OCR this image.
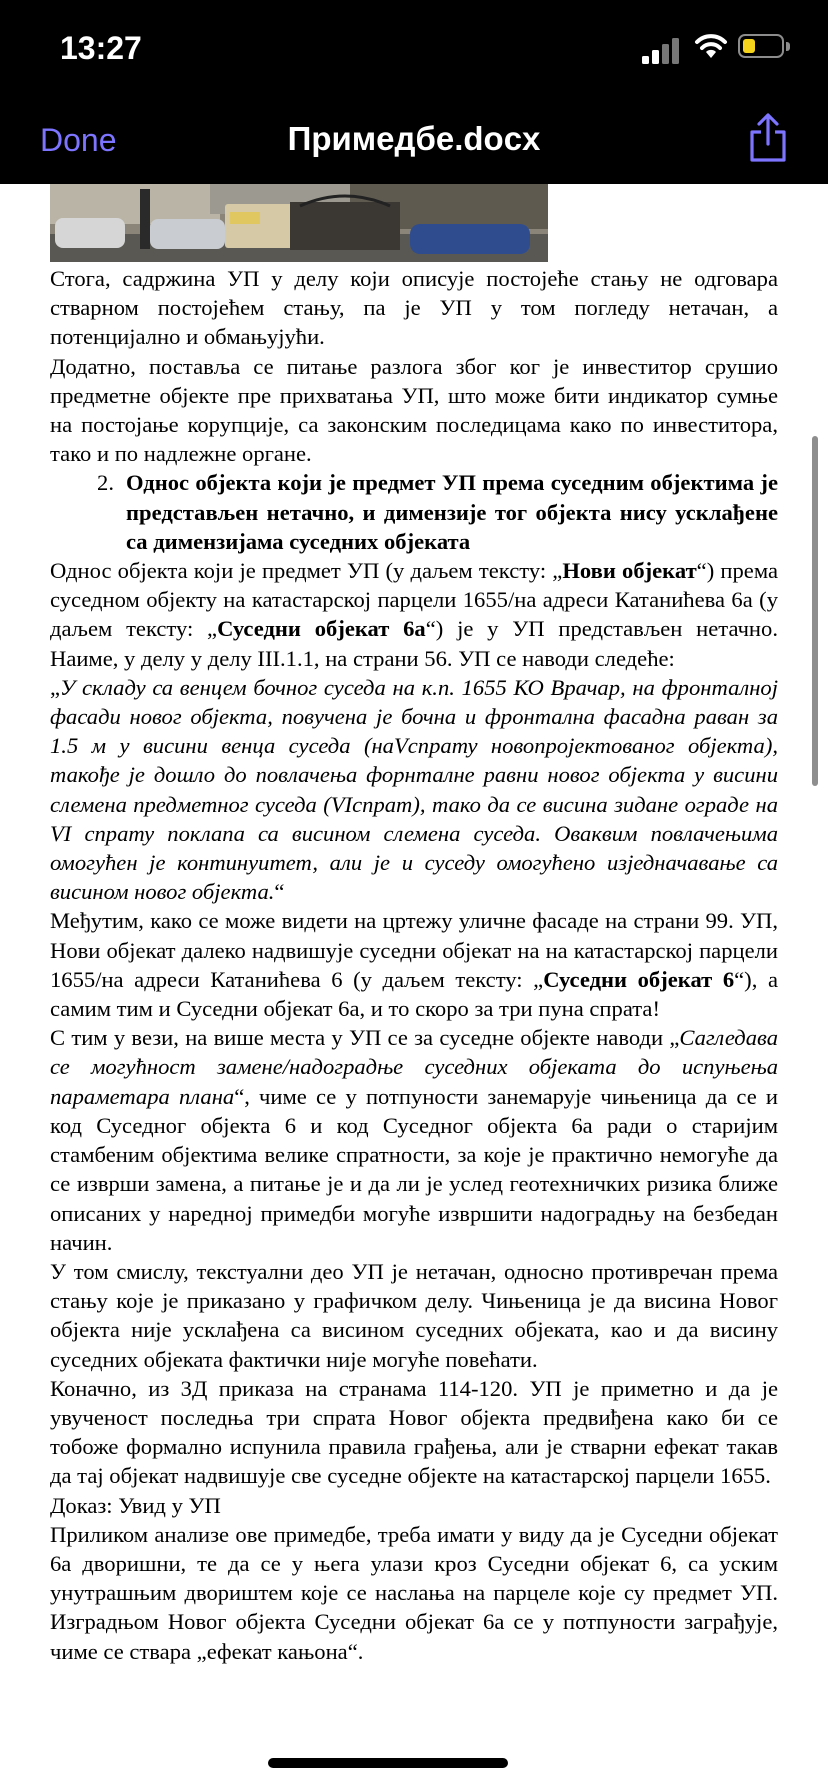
13:27
Done	Примедбе.docx

Стога, садржина УП у делу који описује постојеће стању не одговара стварном постојећем стању, па је УП у том погледу нетачан, а потенцијално и обмањујући.

Додатно, поставља се питање разлога због ког је инвеститор срушио предметне објекте пре прихватања УП, што може бити индикатор сумње на постојање корупције, са законским последицама како по инвеститора, тако и по надлежне органе.

2. Однос објекта који је предмет УП према суседним објектима је представљен нетачно, и димензије тог објекта нису усклађене са димензијама суседних објеката

Однос објекта који је предмет УП (у даљем тексту: „Нови објекат“) према суседном објекту на катастарској парцели 1655/на адреси Катанићева 6а (у даљем тексту: „Суседни објекат 6а“) је у УП представљен нетачно. Наиме, у делу у делу III.1.1, на страни 56. УП се наводи следеће:

„У складу са венцем бочног суседа на к.п. 1655 КО Врачар, на фронталној фасади новог објекта, повучена је бочна и фронтална фасадна раван за 1.5 м у висини венца суседа (наVспрату новопројектованог објекта), такође је дошло до повлачења форнталне равни новог објекта у висини слемена предметног суседа (VIспрат), тако да се висина зидане ограде на VI спрату поклапа са висином слемена суседа. Оваквим повлачењима омогућен је континуитет, али је и суседу омогућено изједначавање са висином новог објекта.“

Међутим, како се може видети на цртежу уличне фасаде на страни 99. УП, Нови објекат далеко надвишује суседни објекат на на катастарској парцели 1655/на адреси Катанићева 6 (у даљем тексту: „Суседни објекат 6“), а самим тим и Суседни објекат 6а, и то скоро за три пуна спрата!

С тим у вези, на више места у УП се за суседне објекте наводи „Сагледава се могућност замене/надоградње суседних објеката до испуњења параметара плана“, чиме се у потпуности занемарује чињеница да се и код Суседног објекта 6 и код Суседног објекта 6а ради о старијим стамбеним објектима велике спратности, за које је практично немогуће да се изврши замена, а питање је и да ли је услед геотехничких ризика ближе описаних у наредној примедби могуће извршити надоградњу на безбедан начин.

У том смислу, текстуални део УП је нетачан, односно противречан према стању које је приказано у графичком делу. Чињеница је да висина Новог објекта није усклађена са висином суседних објеката, као и да висину суседних објеката фактички није могуће повећати.

Коначно, из 3Д приказа на странама 114-120. УП је приметно и да је увученост последња три спрата Новог објекта предвиђена како би се тобоже формално испунила правила грађења, али је стварни ефекат такав да тај објекат надвишује све суседне објекте на катастарској парцели 1655.

Доказ: Увид у УП

Приликом анализе ове примедбе, треба имати у виду да је Суседни објекат 6а дворишни, те да се у њега улази кроз Суседни објекат 6, са уским унутрашњим двориштем које се наслања на парцеле које су предмет УП. Изградњом Новог објекта Суседни објекат 6а се у потпуности заграђује, чиме се ствара „ефекат кањона“.
